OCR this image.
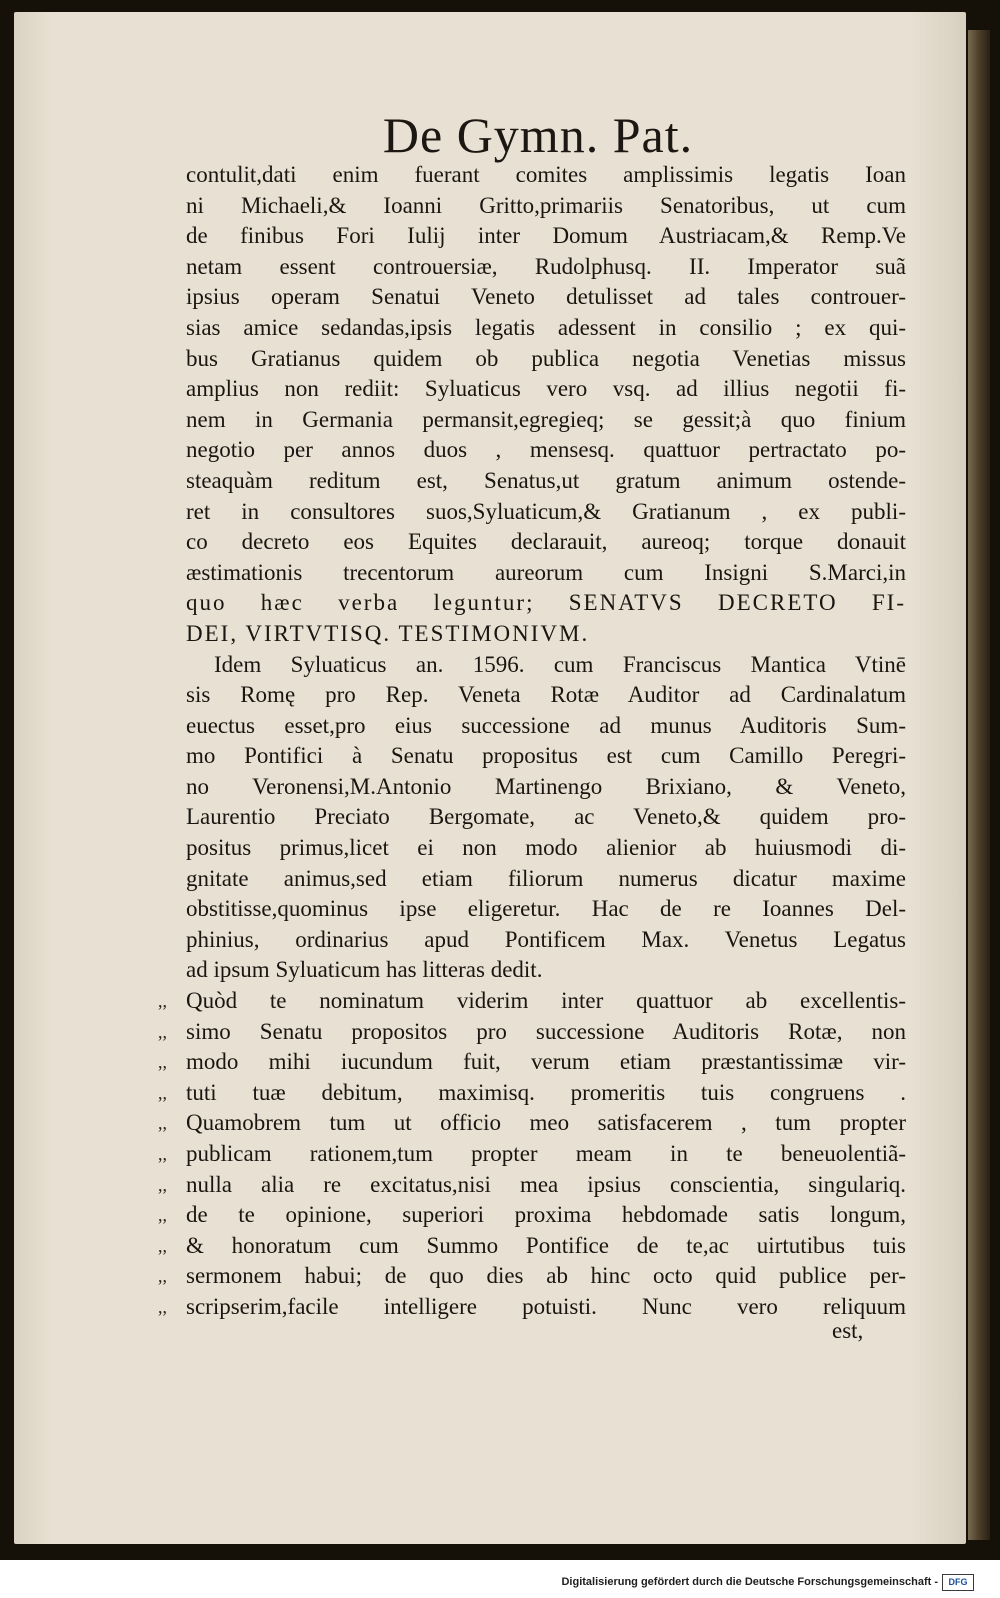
De Gymn. Pat.
contulit,dati enim fuerant comites amplissimis legatis Ioan
ni Michaeli,& Ioanni Gritto,primariis Senatoribus, ut cum
de finibus Fori Iulij inter Domum Austriacam,& Remp.Ve
netam essent controuersiæ, Rudolphusq. II. Imperator suã
ipsius operam Senatui Veneto detulisset ad tales controuer-
sias amice sedandas,ipsis legatis adessent in consilio ; ex qui-
bus Gratianus quidem ob publica negotia Venetias missus
amplius non rediit: Syluaticus vero vsq. ad illius negotii fi-
nem in Germania permansit,egregieq; se gessit;à quo finium
negotio per annos duos , mensesq. quattuor pertractato po-
steaquàm reditum est, Senatus,ut gratum animum ostende-
ret in consultores suos,Syluaticum,& Gratianum , ex publi-
co decreto eos Equites declarauit, aureoq; torque donauit
æstimationis trecentorum aureorum cum Insigni S.Marci,in
quo hæc verba leguntur; SENATVS DECRETO FI-
DEI, VIRTVTISQ. TESTIMONIVM.
Idem Syluaticus an. 1596. cum Franciscus Mantica Vtinē
sis Romę pro Rep. Veneta Rotæ Auditor ad Cardinalatum
euectus esset,pro eius successione ad munus Auditoris Sum-
mo Pontifici à Senatu propositus est cum Camillo Peregri-
no Veronensi,M.Antonio Martinengo Brixiano, & Veneto,
Laurentio Preciato Bergomate, ac Veneto,& quidem pro-
positus primus,licet ei non modo alienior ab huiusmodi di-
gnitate animus,sed etiam filiorum numerus dicatur maxime
obstitisse,quominus ipse eligeretur. Hac de re Ioannes Del-
phinius, ordinarius apud Pontificem Max. Venetus Legatus
ad ipsum Syluaticum has litteras dedit.
,, Quòd te nominatum viderim inter quattuor ab excellentis-
,, simo Senatu propositos pro successione Auditoris Rotæ, non
,, modo mihi iucundum fuit, verum etiam præstantissimæ vir-
,, tuti tuæ debitum, maximisq. promeritis tuis congruens .
,, Quamobrem tum ut officio meo satisfacerem , tum propter
,, publicam rationem,tum propter meam in te beneuolentiã-
,, nulla alia re excitatus,nisi mea ipsius conscientia, singulariq.
,, de te opinione, superiori proxima hebdomade satis longum,
,, & honoratum cum Summo Pontifice de te,ac uirtutibus tuis
,, sermonem habui; de quo dies ab hinc octo quid publice per-
,, scripserim,facile intelligere potuisti. Nunc vero reliquum
est,
Digitalisierung gefördert durch die Deutsche Forschungsgemeinschaft -	DFG
